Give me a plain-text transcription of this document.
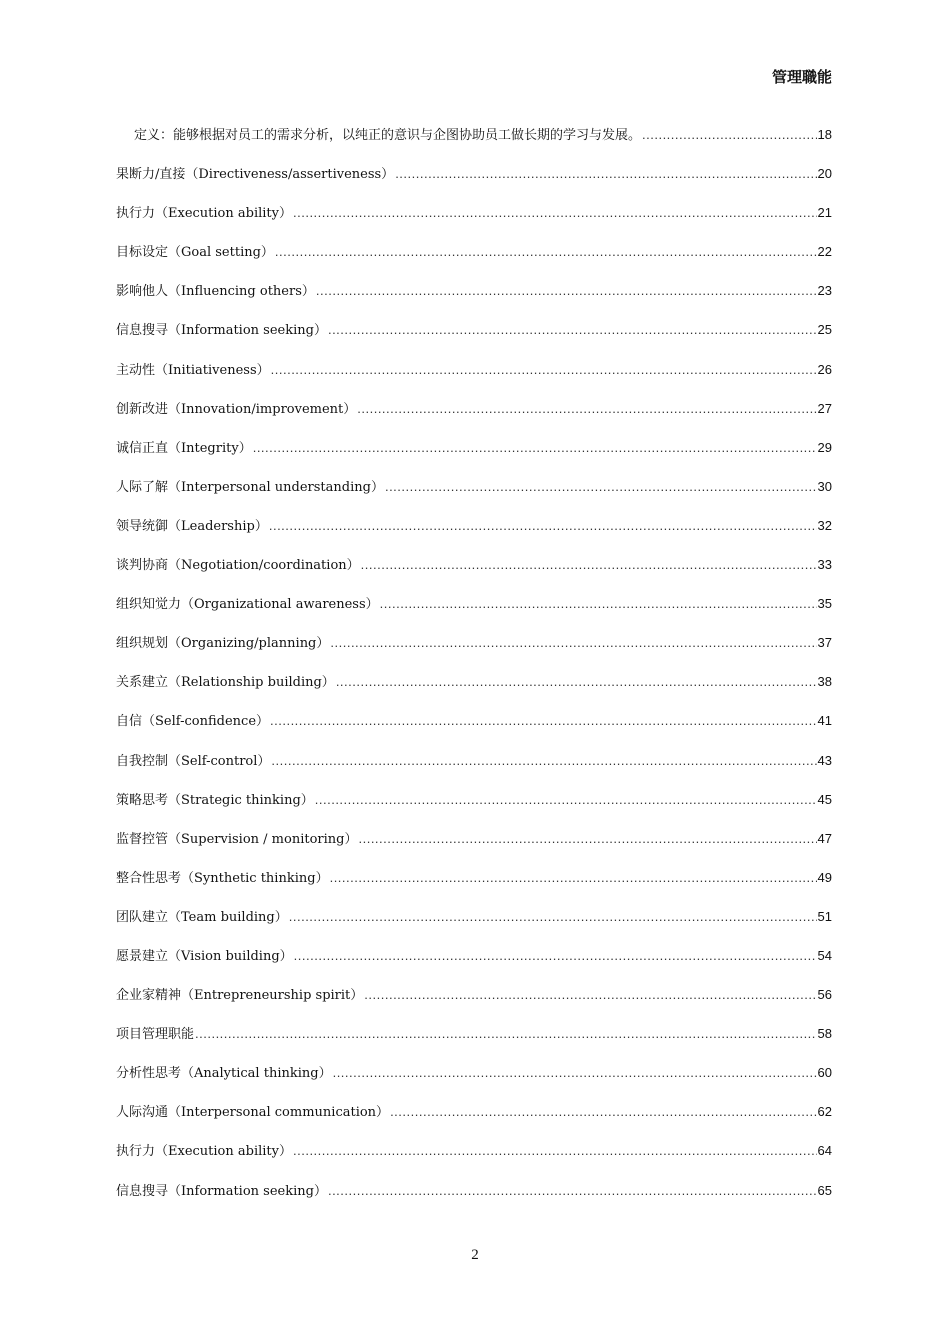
管理職能
定义：能够根据对员工的需求分析，以纯正的意识与企图协助员工做长期的学习与发展。 .....	18
果断力/直接（Directiveness/assertiveness） .....	20
执行力（Execution ability） .....	21
目标设定（Goal setting） .....	22
影响他人（Influencing others） .....	23
信息搜寻（Information seeking） .....	25
主动性（Initiativeness） .....	26
创新改进（Innovation/improvement） .....	27
诚信正直（Integrity） .....	29
人际了解（Interpersonal understanding） .....	30
领导统御（Leadership） .....	32
谈判协商（Negotiation/coordination） .....	33
组织知觉力（Organizational awareness） .....	35
组织规划（Organizing/planning） .....	37
关系建立（Relationship building） .....	38
自信（Self-confidence） .....	41
自我控制（Self-control） .....	43
策略思考（Strategic thinking） .....	45
监督控管（Supervision / monitoring） .....	47
整合性思考（Synthetic thinking） .....	49
团队建立（Team building） .....	51
愿景建立（Vision building） .....	54
企业家精神（Entrepreneurship spirit） .....	56
项目管理职能 .....	58
分析性思考（Analytical thinking） .....	60
人际沟通（Interpersonal communication） .....	62
执行力（Execution ability） .....	64
信息搜寻（Information seeking） .....	65
2
